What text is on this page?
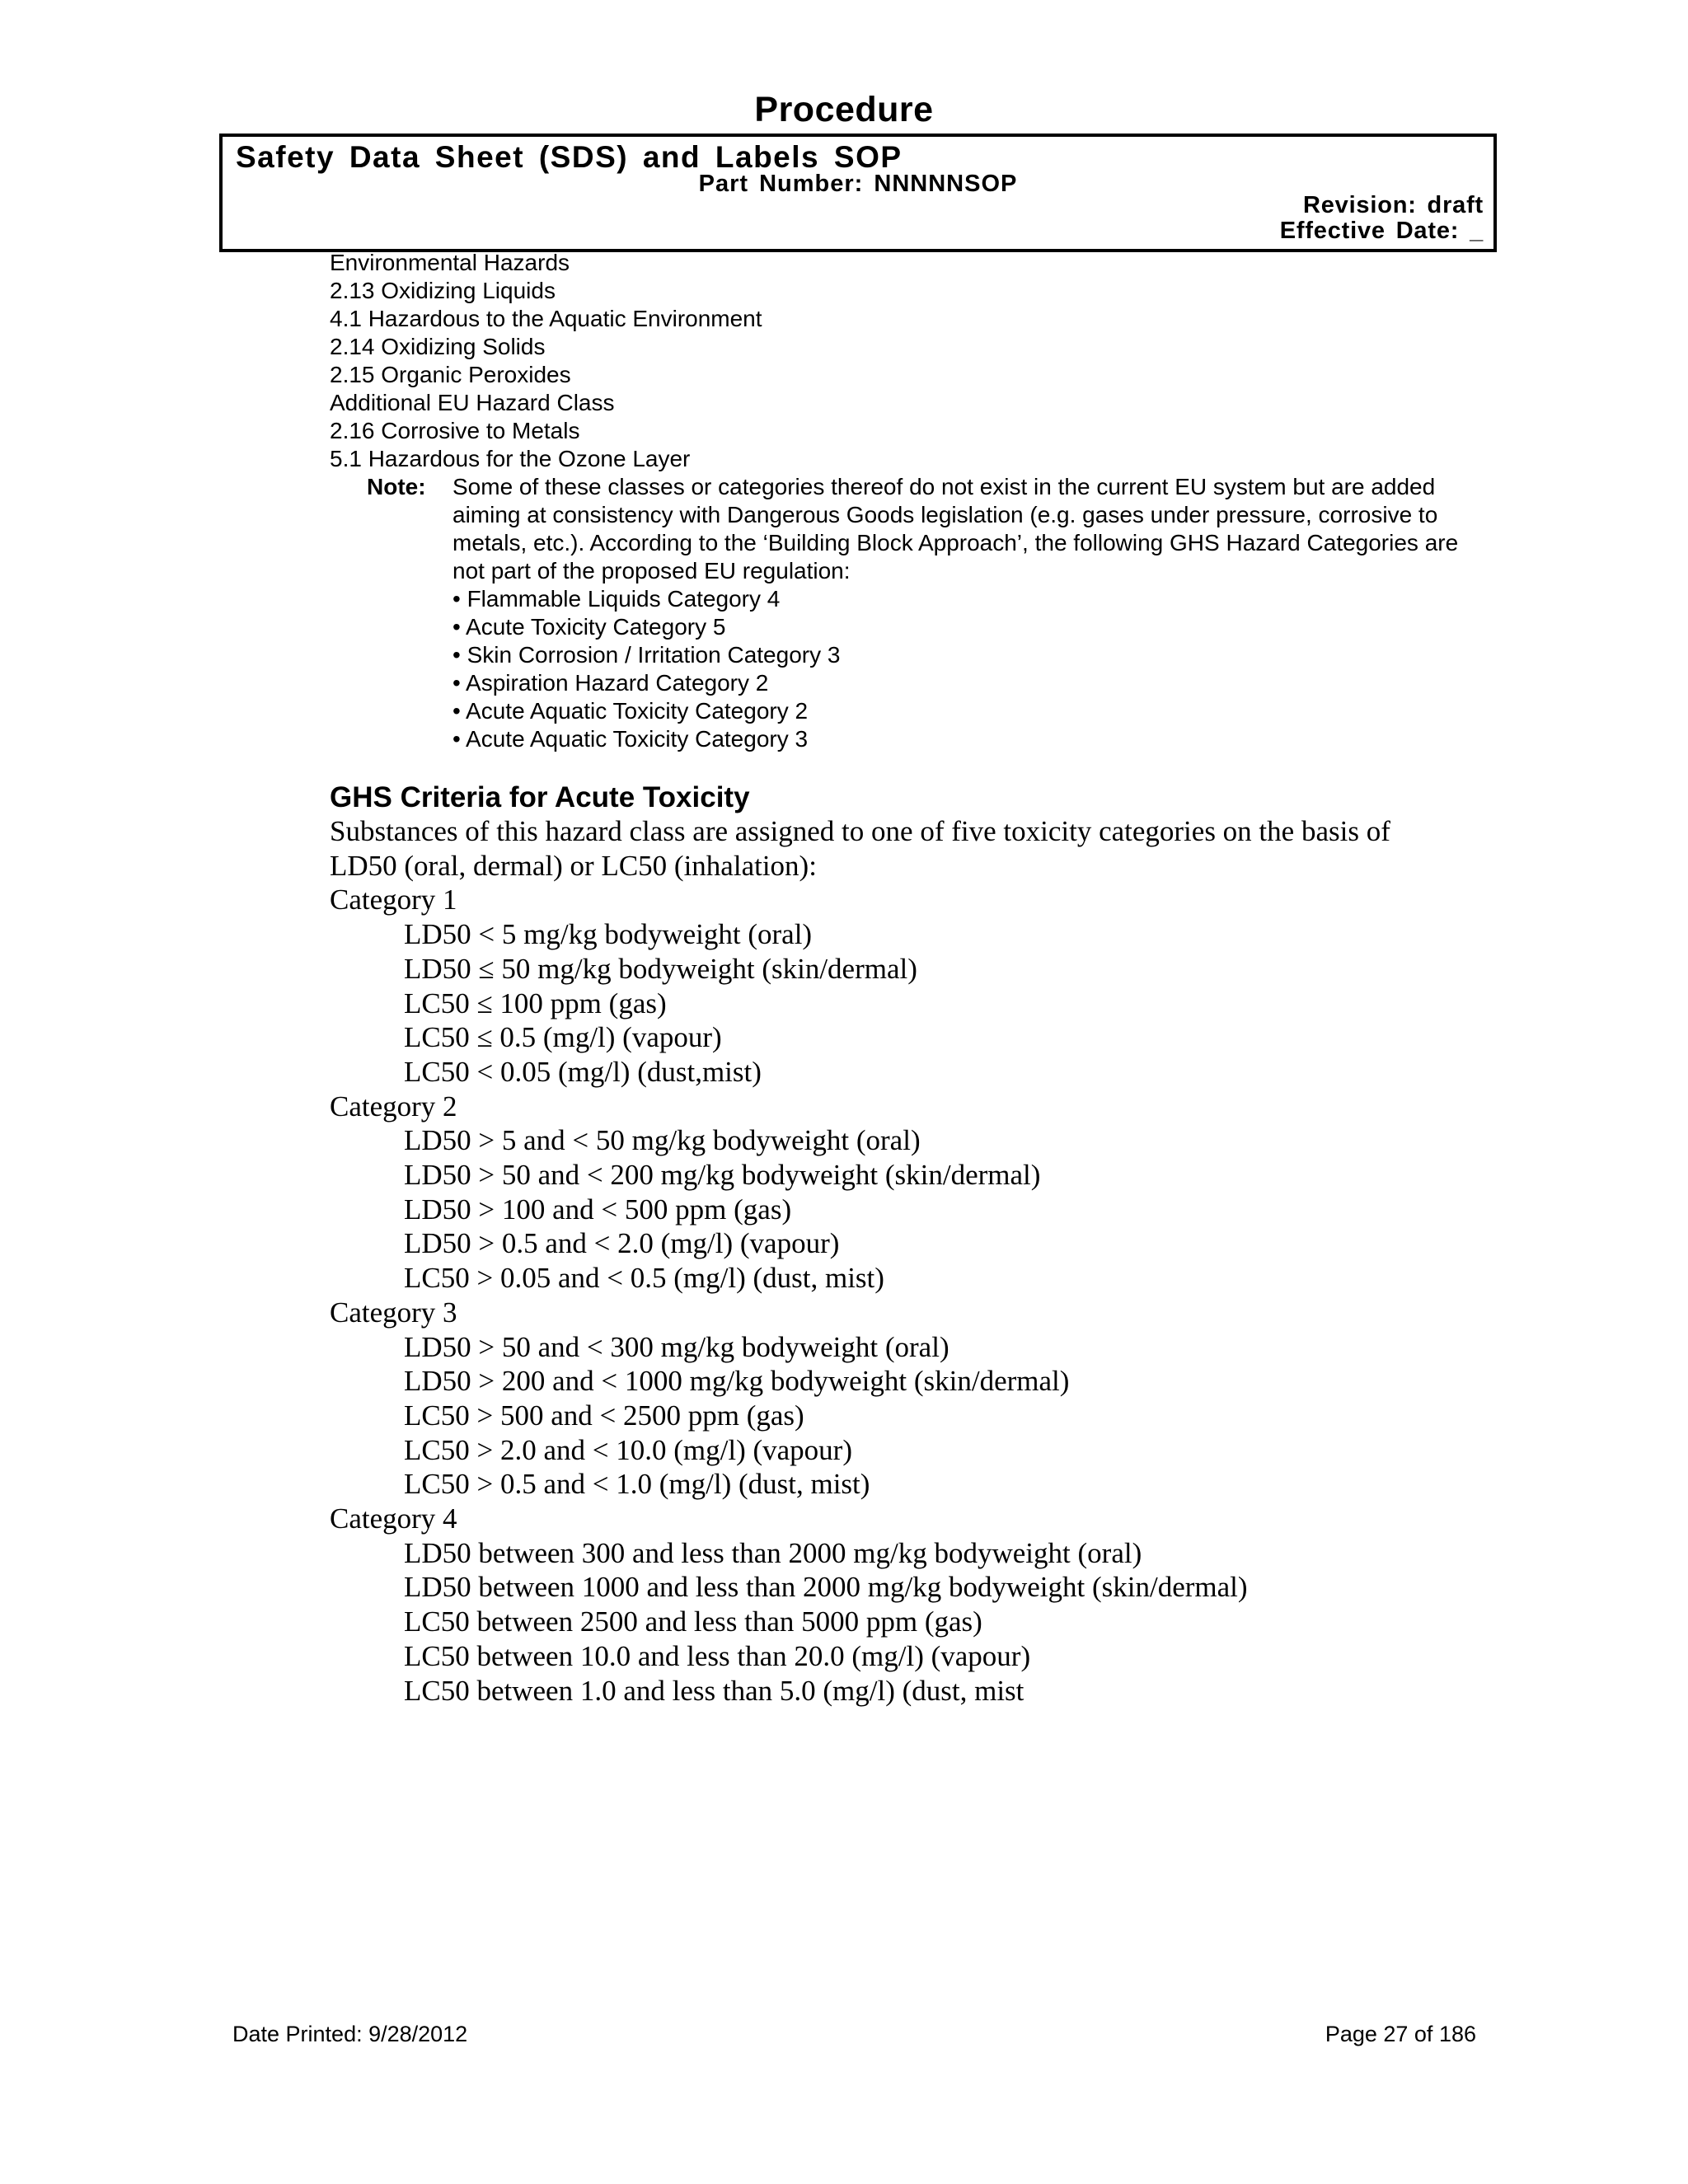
Procedure
Safety Data Sheet (SDS) and Labels SOP
Part Number: NNNNNSOP
Revision: draft
Effective Date: _
Environmental Hazards
2.13 Oxidizing Liquids
4.1 Hazardous to the Aquatic Environment
2.14 Oxidizing Solids
2.15 Organic Peroxides
Additional EU Hazard Class
2.16 Corrosive to Metals
5.1 Hazardous for the Ozone Layer
Note: Some of these classes or categories thereof do not exist in the current EU system but are added aiming at consistency with Dangerous Goods legislation (e.g. gases under pressure, corrosive to metals, etc.). According to the ‘Building Block Approach’, the following GHS Hazard Categories are not part of the proposed EU regulation:
• Flammable Liquids Category 4
• Acute Toxicity Category 5
• Skin Corrosion / Irritation Category 3
• Aspiration Hazard Category 2
• Acute Aquatic Toxicity Category 2
• Acute Aquatic Toxicity Category 3
GHS Criteria for Acute Toxicity
Substances of this hazard class are assigned to one of five toxicity categories on the basis of LD50 (oral, dermal) or LC50 (inhalation):
Category 1
LD50 < 5 mg/kg bodyweight (oral)
LD50 ≤ 50 mg/kg bodyweight (skin/dermal)
LC50 ≤ 100 ppm (gas)
LC50 ≤ 0.5 (mg/l) (vapour)
LC50 < 0.05 (mg/l) (dust,mist)
Category 2
LD50 > 5 and < 50 mg/kg bodyweight (oral)
LD50 > 50 and < 200 mg/kg bodyweight (skin/dermal)
LD50 > 100 and < 500 ppm (gas)
LD50 > 0.5 and < 2.0 (mg/l) (vapour)
LC50 > 0.05 and < 0.5 (mg/l) (dust, mist)
Category 3
LD50 > 50 and < 300 mg/kg bodyweight (oral)
LD50 > 200 and < 1000 mg/kg bodyweight (skin/dermal)
LC50 > 500 and < 2500 ppm (gas)
LC50 > 2.0 and < 10.0 (mg/l) (vapour)
LC50 > 0.5 and < 1.0 (mg/l) (dust, mist)
Category 4
LD50 between 300 and less than 2000 mg/kg bodyweight (oral)
LD50 between 1000 and less than 2000 mg/kg bodyweight (skin/dermal)
LC50 between 2500 and less than 5000 ppm (gas)
LC50 between 10.0 and less than 20.0 (mg/l) (vapour)
LC50 between 1.0 and less than 5.0 (mg/l) (dust, mist
Date Printed: 9/28/2012	Page 27 of 186
